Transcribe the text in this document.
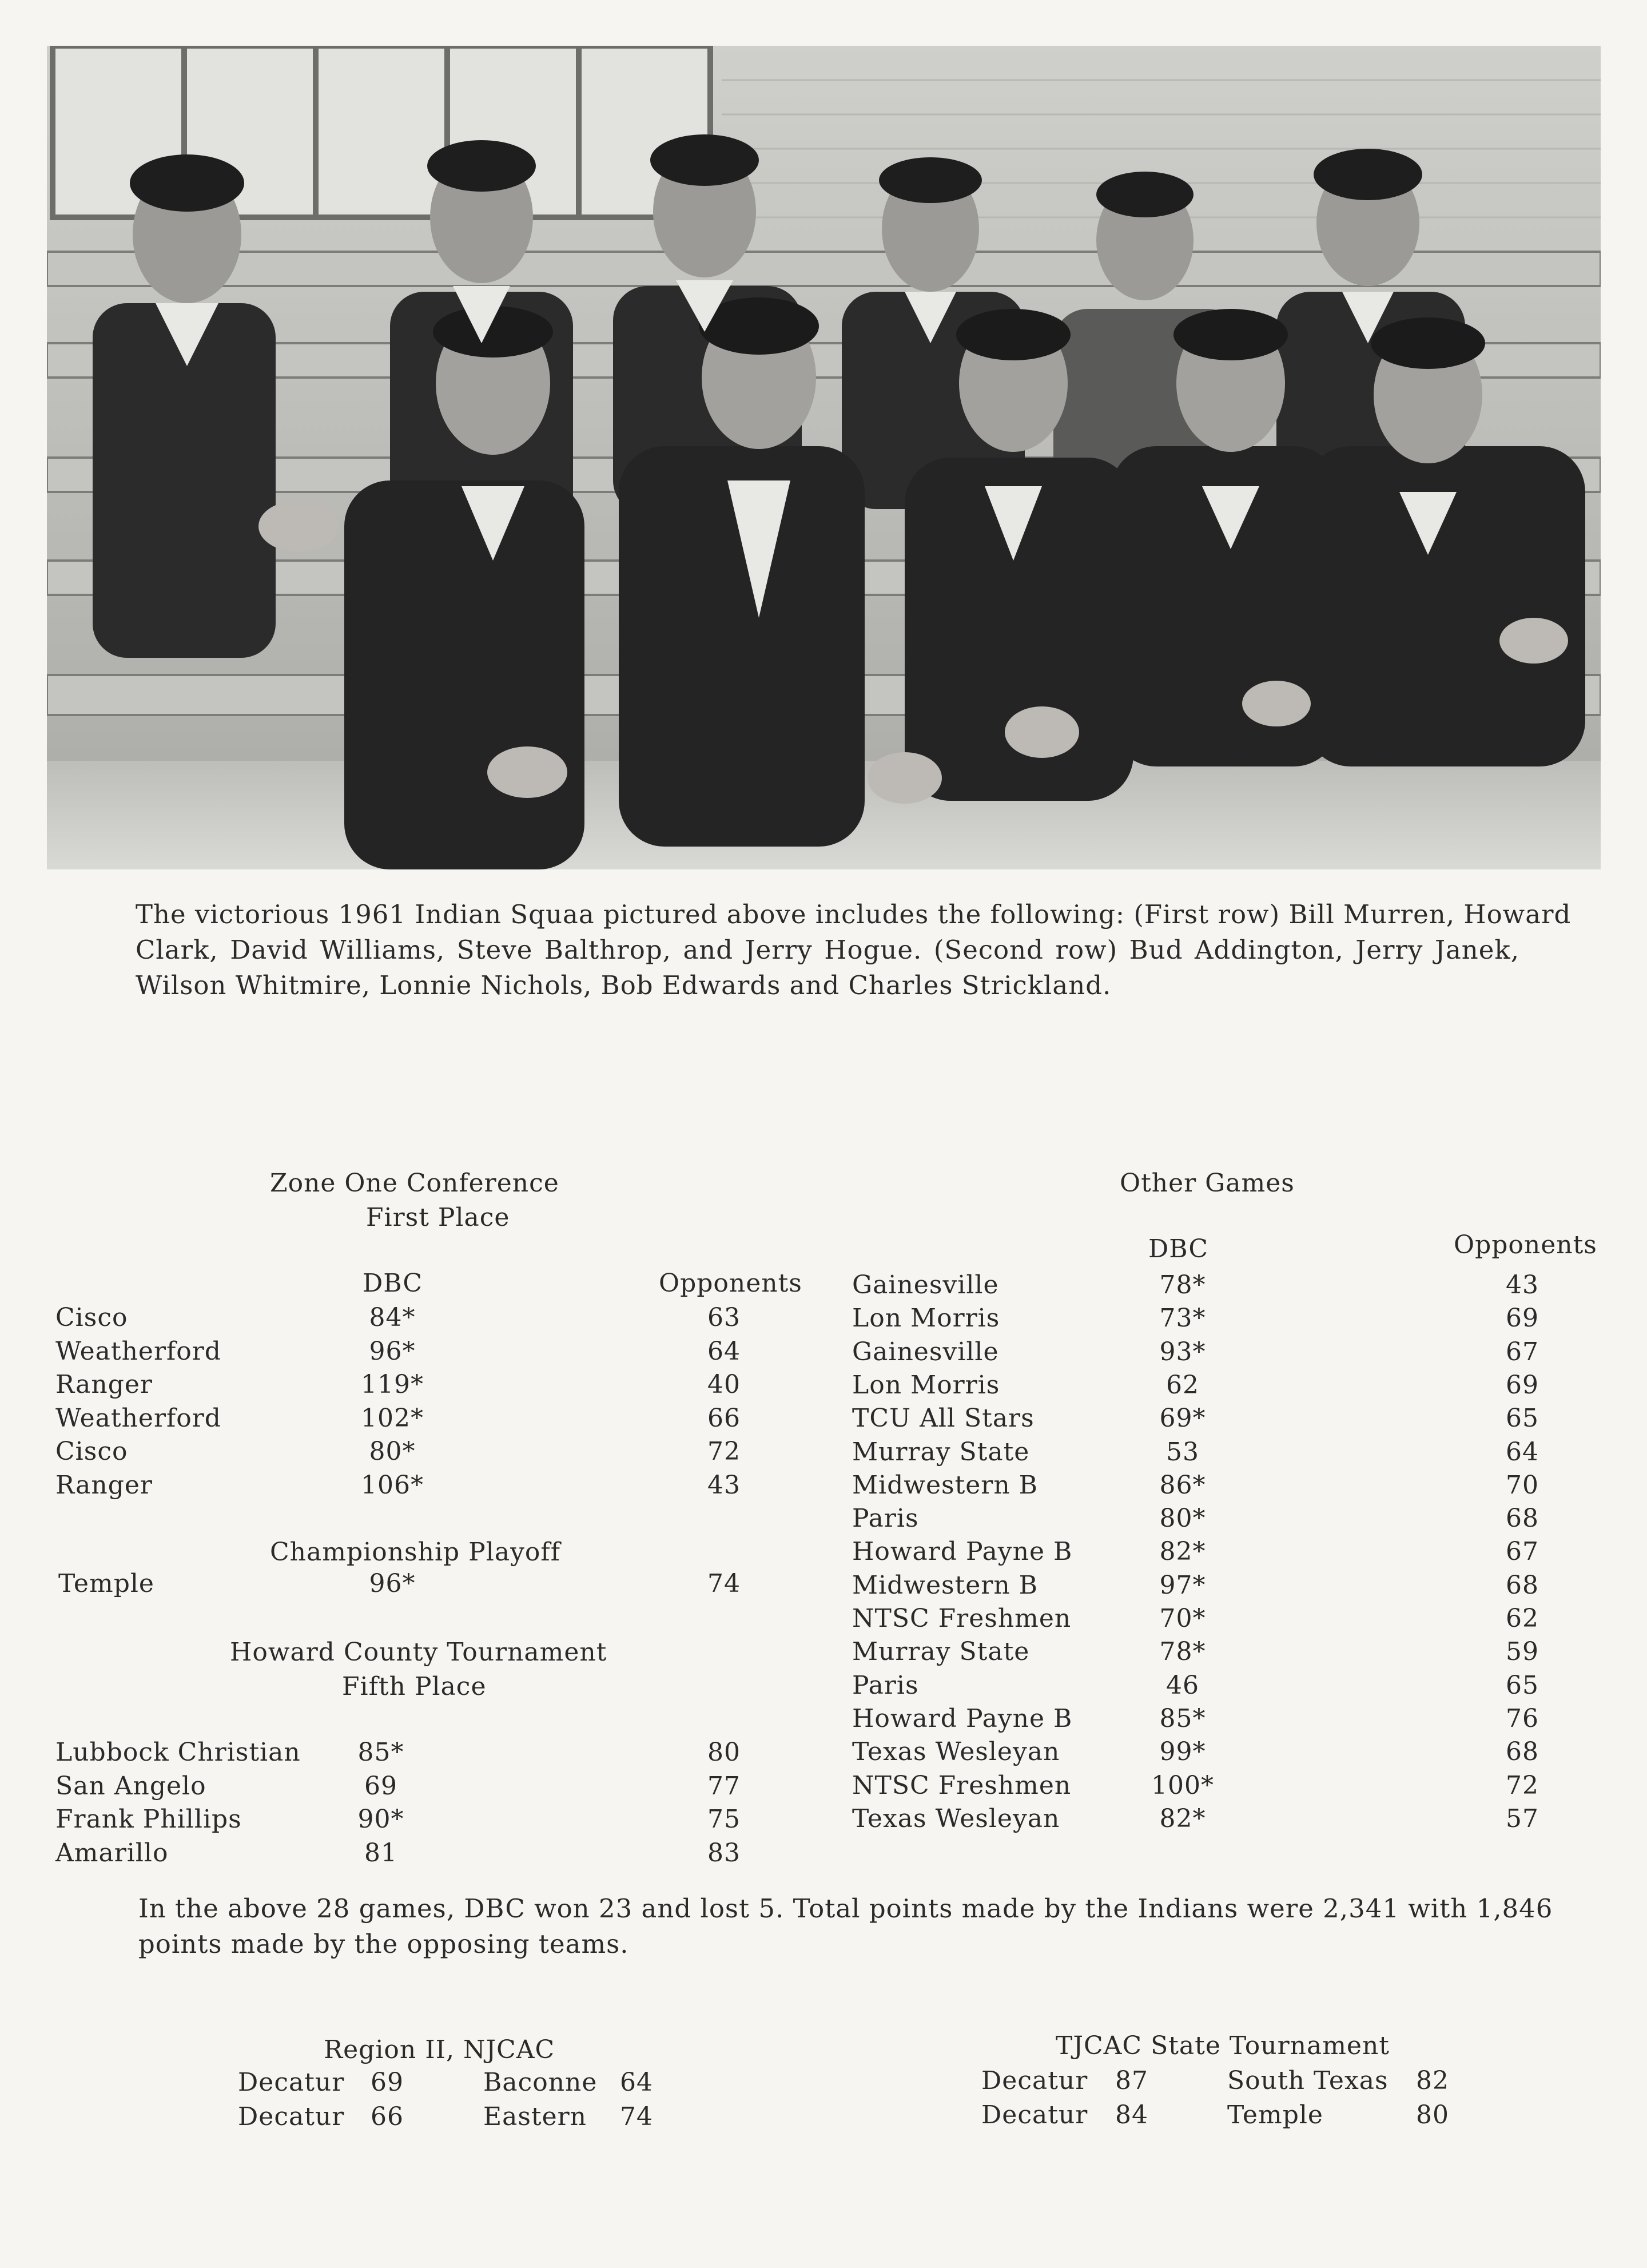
The victorious 1961 Indian Squaa pictured above includes the following: (First row) Bill Murren, Howard
Clark, David Williams, Steve Balthrop, and Jerry Hogue. (Second row) Bud Addington, Jerry Janek,
Wilson Whitmire, Lonnie Nichols, Bob Edwards and Charles Strickland.
Zone One Conference
First Place
DBC	Opponents
Cisco	84*	63
Weatherford	96*	64
Ranger	119*	40
Weatherford	102*	66
Cisco	80*	72
Ranger	106*	43
Championship Playoff
Temple	96*	74
Howard County Tournament
Fifth Place
Lubbock Christian	85*	80
San Angelo	69	77
Frank Phillips	90*	75
Amarillo	81	83
Other Games
DBC	Opponents
Gainesville	78*	43
Lon Morris	73*	69
Gainesville	93*	67
Lon Morris	62	69
TCU All Stars	69*	65
Murray State	53	64
Midwestern B	86*	70
Paris	80*	68
Howard Payne B	82*	67
Midwestern B	97*	68
NTSC Freshmen	70*	62
Murray State	78*	59
Paris	46	65
Howard Payne B	85*	76
Texas Wesleyan	99*	68
NTSC Freshmen	100*	72
Texas Wesleyan	82*	57
In the above 28 games, DBC won 23 and lost 5. Total points made by the Indians were 2,341 with 1,846
points made by the opposing teams.
Region II, NJCAC
Decatur 69	Baconne 64
Decatur 66	Eastern 74
TJCAC State Tournament
Decatur 87	South Texas 82
Decatur 84	Temple	80
